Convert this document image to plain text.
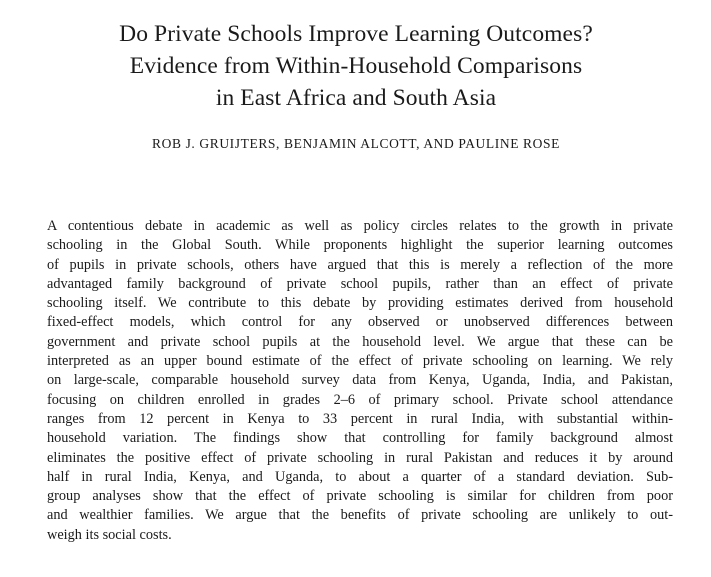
Do Private Schools Improve Learning Outcomes?
Evidence from Within-Household Comparisons
in East Africa and South Asia

ROB J. GRUIJTERS, BENJAMIN ALCOTT, AND PAULINE ROSE

A contentious debate in academic as well as policy circles relates to the growth in private
schooling in the Global South. While proponents highlight the superior learning outcomes
of pupils in private schools, others have argued that this is merely a reflection of the more
advantaged family background of private school pupils, rather than an effect of private
schooling itself. We contribute to this debate by providing estimates derived from household
fixed-effect models, which control for any observed or unobserved differences between
government and private school pupils at the household level. We argue that these can be
interpreted as an upper bound estimate of the effect of private schooling on learning. We rely
on large-scale, comparable household survey data from Kenya, Uganda, India, and Pakistan,
focusing on children enrolled in grades 2–6 of primary school. Private school attendance
ranges from 12 percent in Kenya to 33 percent in rural India, with substantial within-
household variation. The findings show that controlling for family background almost
eliminates the positive effect of private schooling in rural Pakistan and reduces it by around
half in rural India, Kenya, and Uganda, to about a quarter of a standard deviation. Sub-
group analyses show that the effect of private schooling is similar for children from poor
and wealthier families. We argue that the benefits of private schooling are unlikely to out-
weigh its social costs.
